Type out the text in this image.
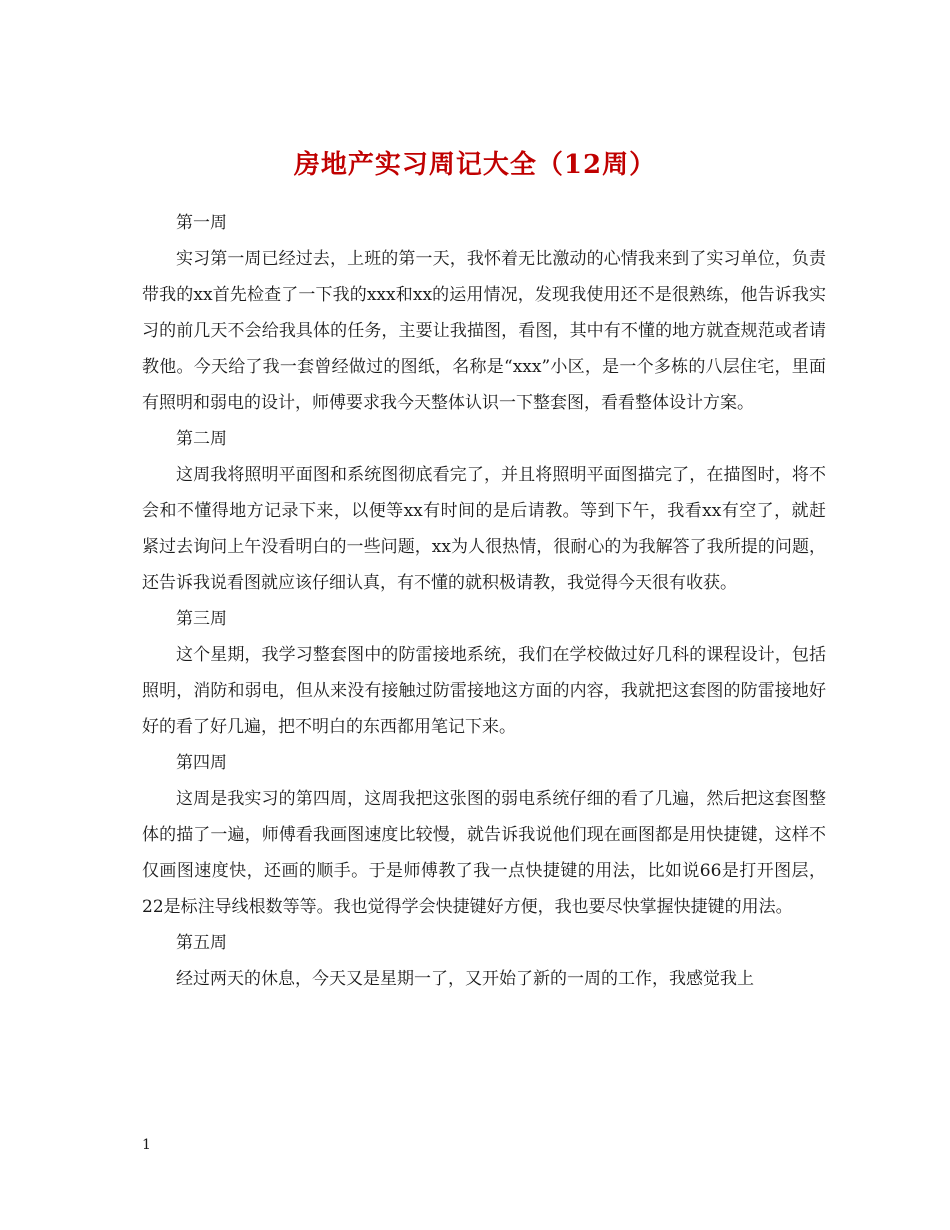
房地产实习周记大全（12周）

第一周

实习第一周已经过去，上班的第一天，我怀着无比激动的心情我来到了实习单位，负责带我的xx首先检查了一下我的xxx和xx的运用情况，发现我使用还不是很熟练，他告诉我实习的前几天不会给我具体的任务，主要让我描图，看图，其中有不懂的地方就查规范或者请教他。今天给了我一套曾经做过的图纸，名称是“xxx”小区，是一个多栋的八层住宅，里面有照明和弱电的设计，师傅要求我今天整体认识一下整套图，看看整体设计方案。

第二周

这周我将照明平面图和系统图彻底看完了，并且将照明平面图描完了，在描图时，将不会和不懂得地方记录下来，以便等xx有时间的是后请教。等到下午，我看xx有空了，就赶紧过去询问上午没看明白的一些问题，xx为人很热情，很耐心的为我解答了我所提的问题，还告诉我说看图就应该仔细认真，有不懂的就积极请教，我觉得今天很有收获。

第三周

这个星期，我学习整套图中的防雷接地系统，我们在学校做过好几科的课程设计，包括照明，消防和弱电，但从来没有接触过防雷接地这方面的内容，我就把这套图的防雷接地好好的看了好几遍，把不明白的东西都用笔记下来。

第四周

这周是我实习的第四周，这周我把这张图的弱电系统仔细的看了几遍，然后把这套图整体的描了一遍，师傅看我画图速度比较慢，就告诉我说他们现在画图都是用快捷键，这样不仅画图速度快，还画的顺手。于是师傅教了我一点快捷键的用法，比如说66是打开图层，22是标注导线根数等等。我也觉得学会快捷键好方便，我也要尽快掌握快捷键的用法。

第五周

经过两天的休息，今天又是星期一了，又开始了新的一周的工作，我感觉我上

1
